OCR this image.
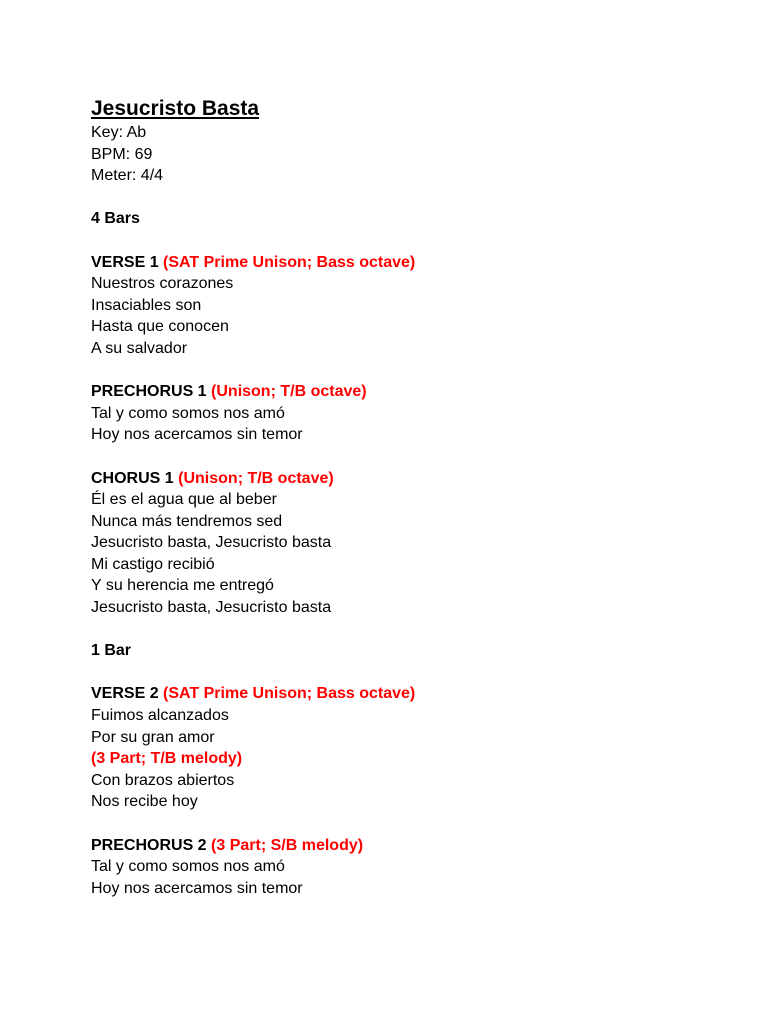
Jesucristo Basta
Key: Ab
BPM: 69
Meter: 4/4
4 Bars
VERSE 1 (SAT Prime Unison; Bass octave)
Nuestros corazones
Insaciables son
Hasta que conocen
A su salvador
PRECHORUS 1 (Unison; T/B octave)
Tal y como somos nos amó
Hoy nos acercamos sin temor
CHORUS 1 (Unison; T/B octave)
Él es el agua que al beber
Nunca más tendremos sed
Jesucristo basta, Jesucristo basta
Mi castigo recibió
Y su herencia me entregó
Jesucristo basta, Jesucristo basta
1 Bar
VERSE 2 (SAT Prime Unison; Bass octave)
Fuimos alcanzados
Por su gran amor
(3 Part; T/B melody)
Con brazos abiertos
Nos recibe hoy
PRECHORUS 2 (3 Part; S/B melody)
Tal y como somos nos amó
Hoy nos acercamos sin temor
